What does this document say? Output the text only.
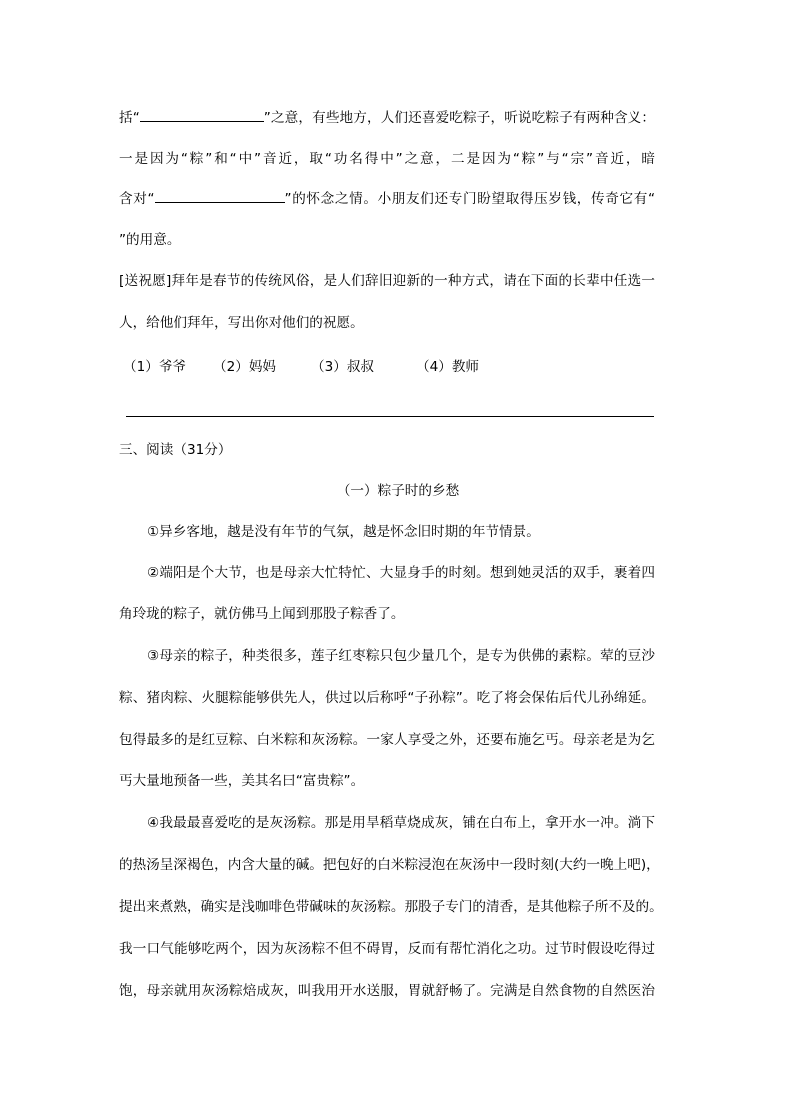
括“	”之意，有些地方，人们还喜爱吃粽子，听说吃粽子有两种含义：
一是因为“粽”和“中”音近，取“功名得中”之意，二是因为“粽”与“宗”音近，暗
含对“	”的怀念之情。小朋友们还专门盼望取得压岁钱，传奇它有“
”的用意。
[送祝愿]拜年是春节的传统风俗，是人们辞旧迎新的一种方式，请在下面的长辈中任选一
人，给他们拜年，写出你对他们的祝愿。
（1）爷爷 （2）妈妈	（3）叔叔	（4）教师
三、阅读（31分）
（一）粽子时的乡愁
①异乡客地，越是没有年节的气氛，越是怀念旧时期的年节情景。
②端阳是个大节，也是母亲大忙特忙、大显身手的时刻。想到她灵活的双手，裹着四
角玲珑的粽子，就仿佛马上闻到那股子粽香了。
③母亲的粽子，种类很多，莲子红枣粽只包少量几个，是专为供佛的素粽。荤的豆沙
粽、猪肉粽、火腿粽能够供先人，供过以后称呼“子孙粽”。吃了将会保佑后代儿孙绵延。
包得最多的是红豆粽、白米粽和灰汤粽。一家人享受之外，还要布施乞丐。母亲老是为乞
丐大量地预备一些，美其名曰“富贵粽”。
④我最最喜爱吃的是灰汤粽。那是用旱稻草烧成灰，铺在白布上，拿开水一冲。淌下
的热汤呈深褐色，内含大量的碱。把包好的白米粽浸泡在灰汤中一段时刻(大约一晚上吧)，
提出来煮熟，确实是浅咖啡色带碱味的灰汤粽。那股子专门的清香，是其他粽子所不及的。
我一口气能够吃两个，因为灰汤粽不但不碍胃，反而有帮忙消化之功。过节时假设吃得过
饱，母亲就用灰汤粽焙成灰，叫我用开水送服，胃就舒畅了。完满是自然食物的自然医治
